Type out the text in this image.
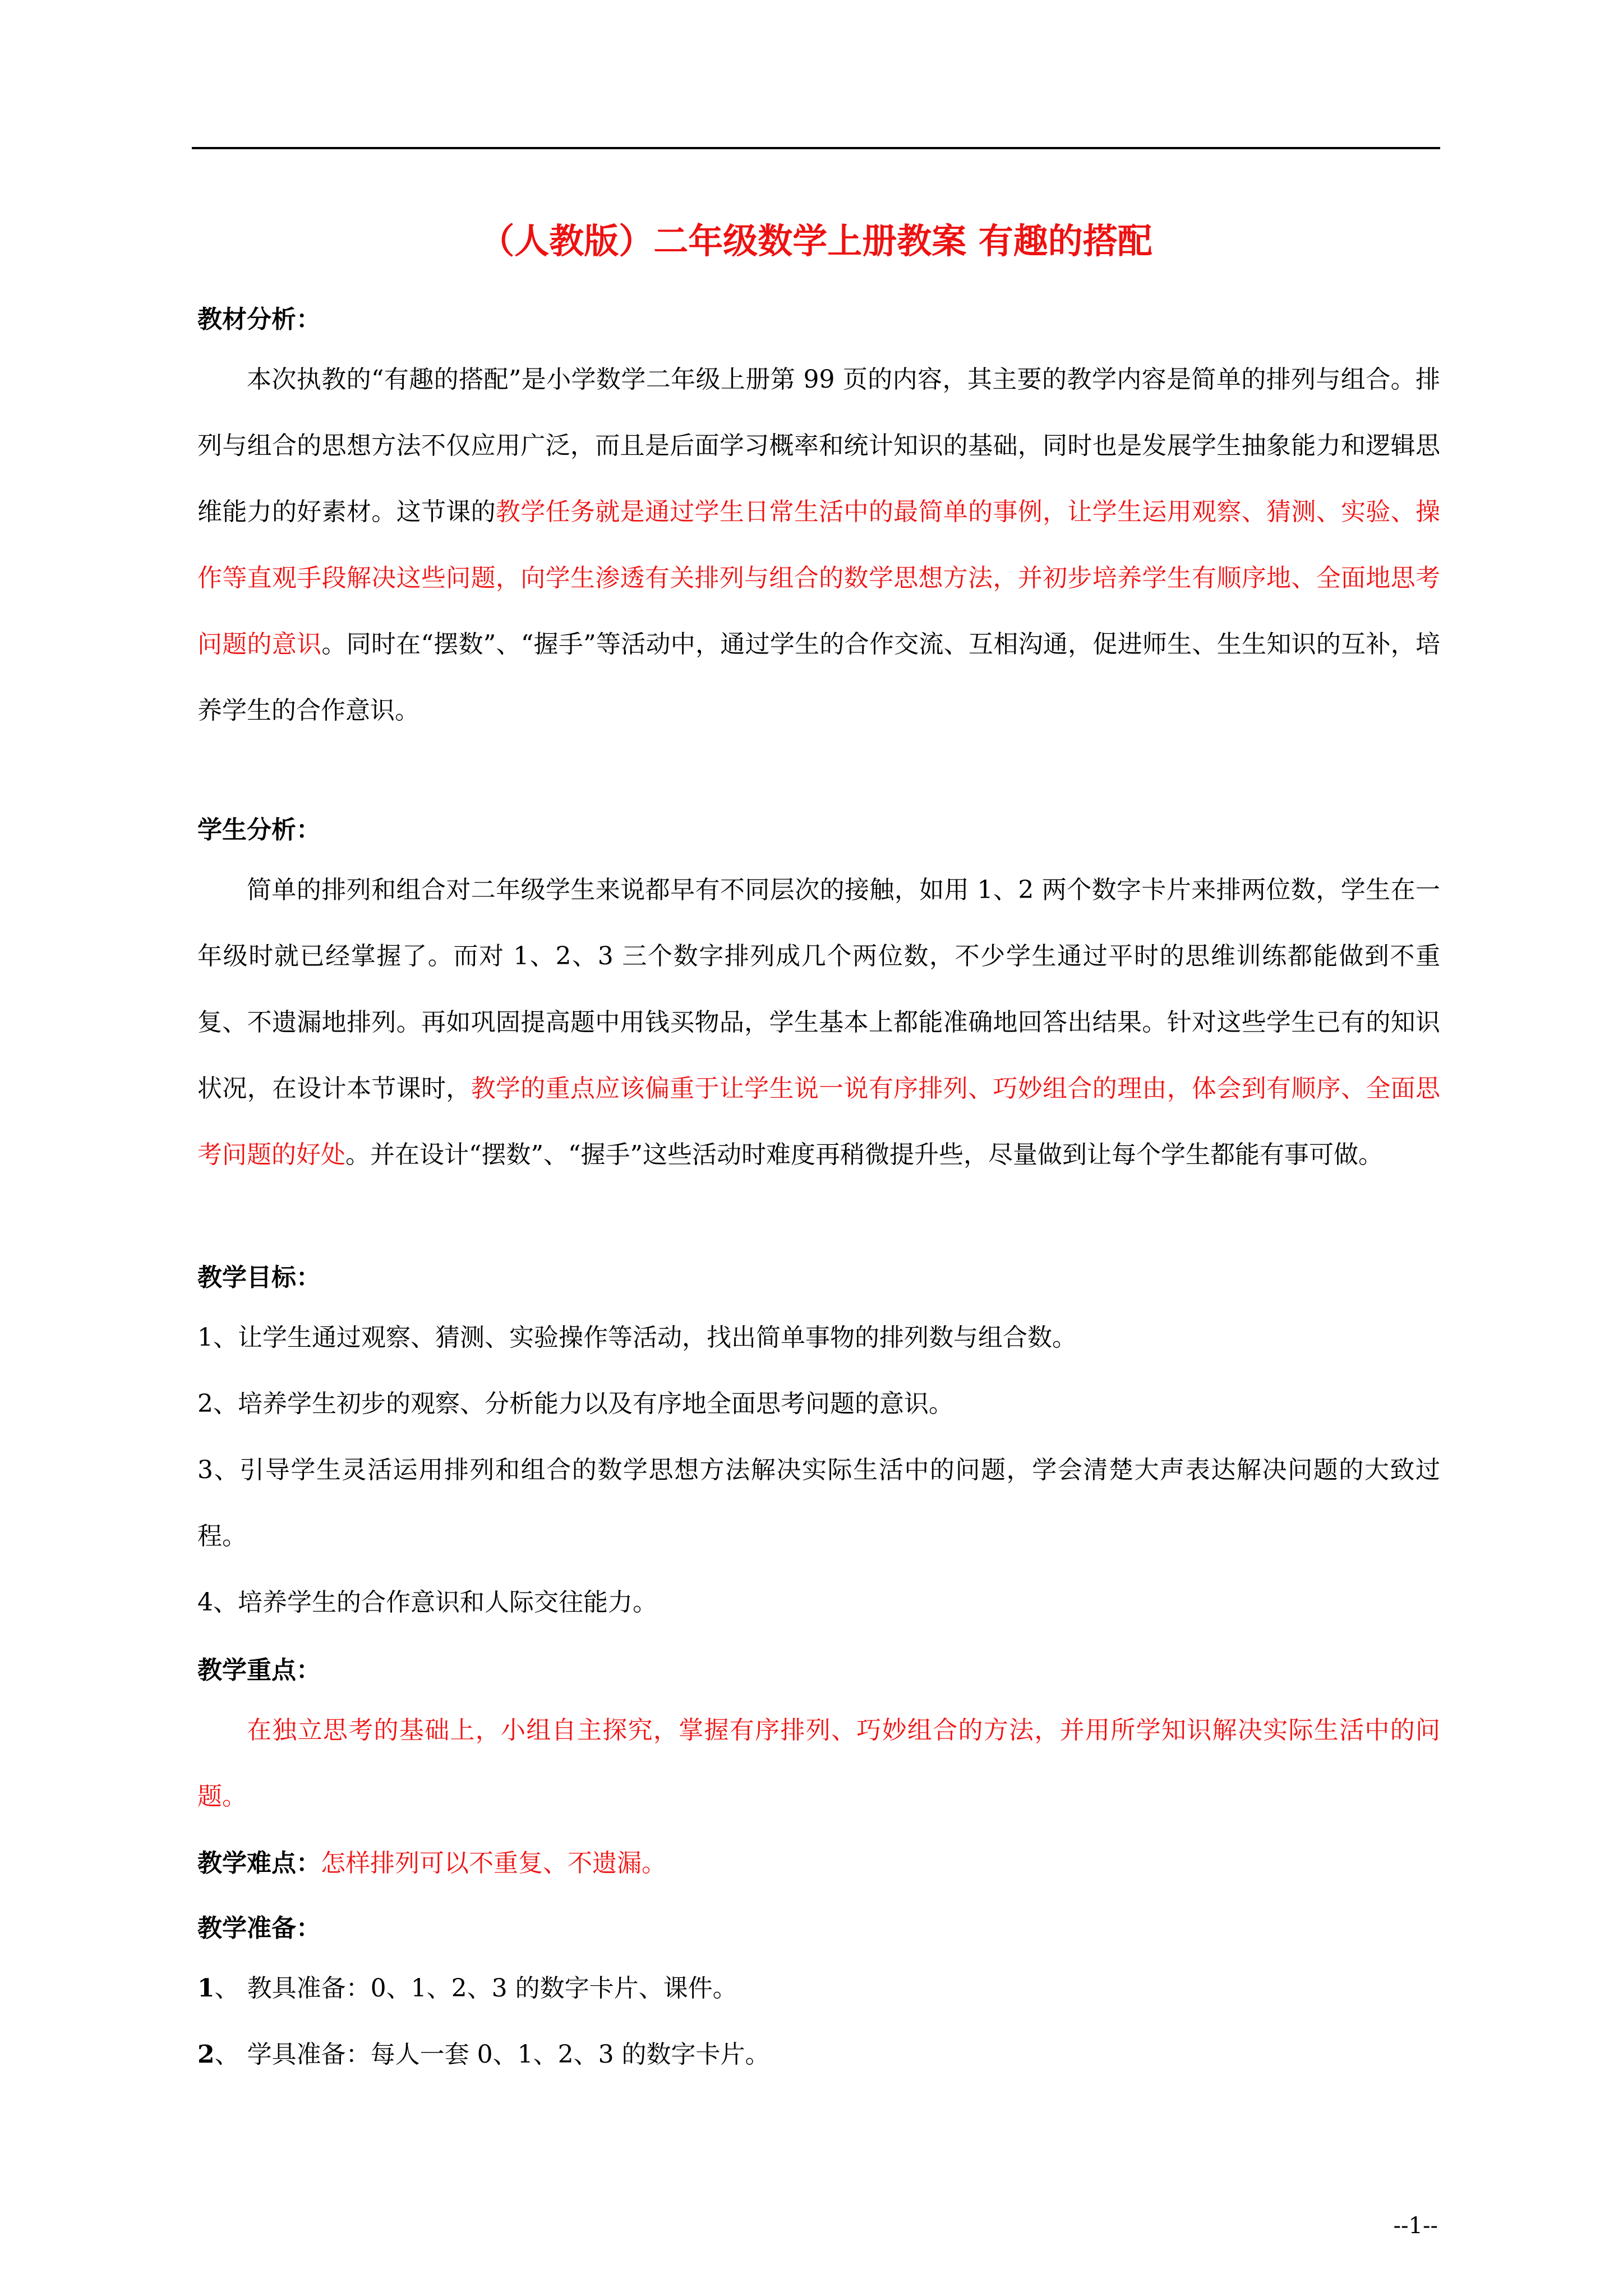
（人教版）二年级数学上册教案 有趣的搭配
教材分析：
本次执教的“有趣的搭配”是小学数学二年级上册第 99 页的内容，其主要的教学内容是简单的排列与组合。排列与组合的思想方法不仅应用广泛，而且是后面学习概率和统计知识的基础，同时也是发展学生抽象能力和逻辑思维能力的好素材。这节课的教学任务就是通过学生日常生活中的最简单的事例，让学生运用观察、猜测、实验、操作等直观手段解决这些问题，向学生渗透有关排列与组合的数学思想方法，并初步培养学生有顺序地、全面地思考问题的意识。同时在“摆数”、“握手”等活动中，通过学生的合作交流、互相沟通，促进师生、生生知识的互补，培养学生的合作意识。
学生分析：
简单的排列和组合对二年级学生来说都早有不同层次的接触，如用 1、2 两个数字卡片来排两位数，学生在一年级时就已经掌握了。而对 1、2、3 三个数字排列成几个两位数，不少学生通过平时的思维训练都能做到不重复、不遗漏地排列。再如巩固提高题中用钱买物品，学生基本上都能准确地回答出结果。针对这些学生已有的知识状况，在设计本节课时，教学的重点应该偏重于让学生说一说有序排列、巧妙组合的理由，体会到有顺序、全面思考问题的好处。并在设计“摆数”、“握手”这些活动时难度再稍微提升些，尽量做到让每个学生都能有事可做。
教学目标：
1、让学生通过观察、猜测、实验操作等活动，找出简单事物的排列数与组合数。
2、培养学生初步的观察、分析能力以及有序地全面思考问题的意识。
3、引导学生灵活运用排列和组合的数学思想方法解决实际生活中的问题，学会清楚大声表达解决问题的大致过程。
4、培养学生的合作意识和人际交往能力。
教学重点：
在独立思考的基础上，小组自主探究，掌握有序排列、巧妙组合的方法，并用所学知识解决实际生活中的问题。
教学难点：怎样排列可以不重复、不遗漏。
教学准备：
1、 教具准备：0、1、2、3 的数字卡片、课件。
2、 学具准备：每人一套 0、1、2、3 的数字卡片。
--1--
